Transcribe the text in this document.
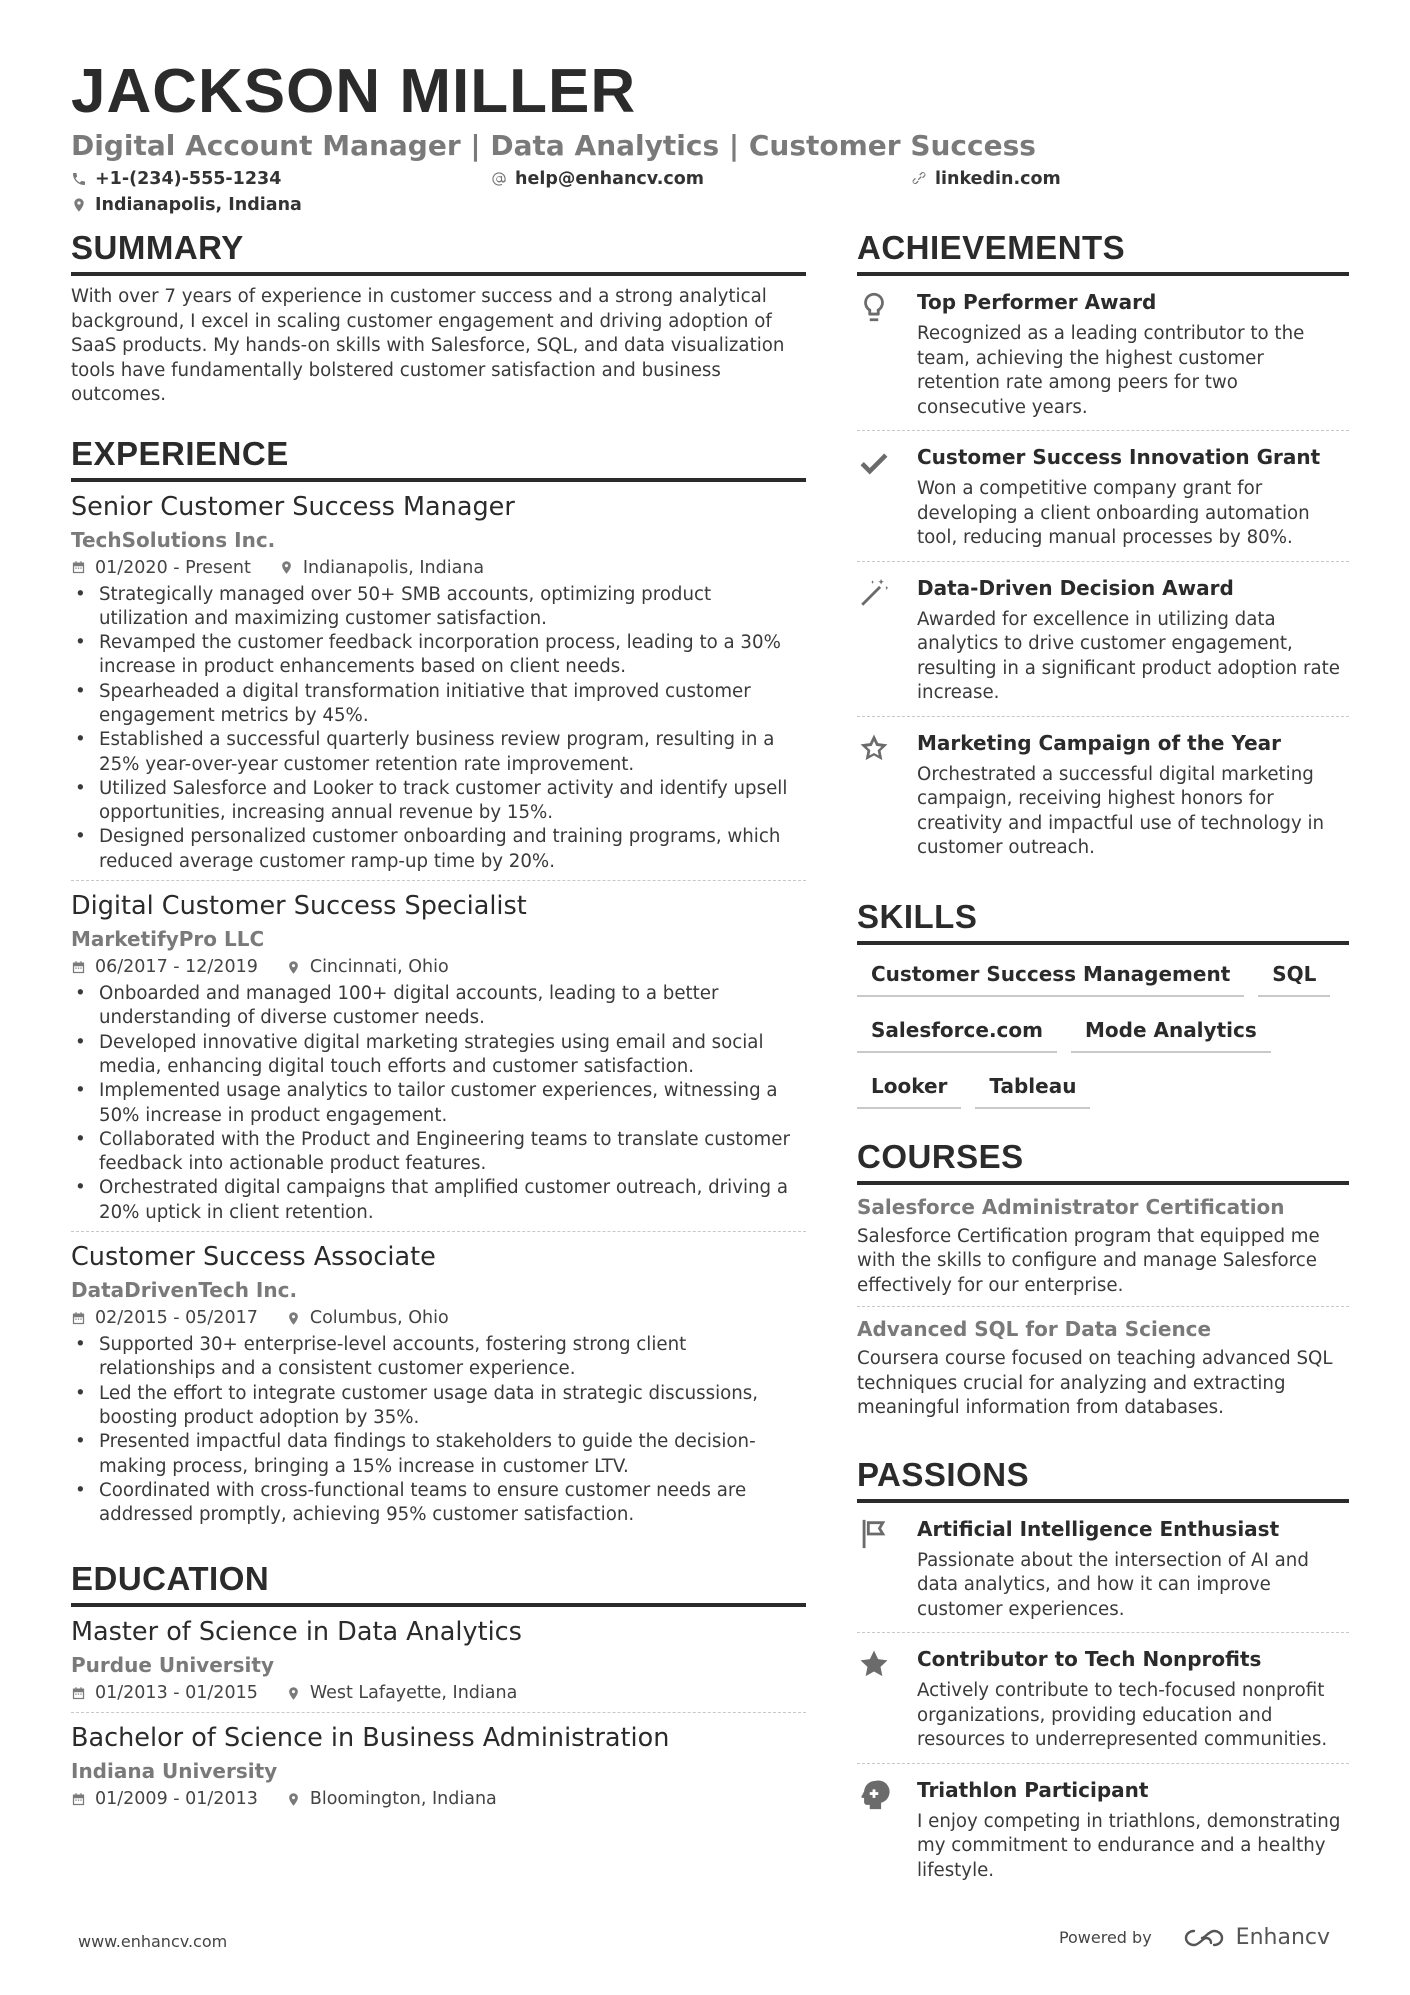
JACKSON MILLER
Digital Account Manager | Data Analytics | Customer Success
+1-(234)-555-1234	help@enhancv.com	linkedin.com
Indianapolis, Indiana
SUMMARY
With over 7 years of experience in customer success and a strong analytical background, I excel in scaling customer engagement and driving adoption of SaaS products. My hands-on skills with Salesforce, SQL, and data visualization tools have fundamentally bolstered customer satisfaction and business outcomes.
EXPERIENCE
Senior Customer Success Manager
TechSolutions Inc.
01/2020 - Present	Indianapolis, Indiana
• Strategically managed over 50+ SMB accounts, optimizing product utilization and maximizing customer satisfaction.
• Revamped the customer feedback incorporation process, leading to a 30% increase in product enhancements based on client needs.
• Spearheaded a digital transformation initiative that improved customer engagement metrics by 45%.
• Established a successful quarterly business review program, resulting in a 25% year-over-year customer retention rate improvement.
• Utilized Salesforce and Looker to track customer activity and identify upsell opportunities, increasing annual revenue by 15%.
• Designed personalized customer onboarding and training programs, which reduced average customer ramp-up time by 20%.
Digital Customer Success Specialist
MarketifyPro LLC
06/2017 - 12/2019	Cincinnati, Ohio
• Onboarded and managed 100+ digital accounts, leading to a better understanding of diverse customer needs.
• Developed innovative digital marketing strategies using email and social media, enhancing digital touch efforts and customer satisfaction.
• Implemented usage analytics to tailor customer experiences, witnessing a 50% increase in product engagement.
• Collaborated with the Product and Engineering teams to translate customer feedback into actionable product features.
• Orchestrated digital campaigns that amplified customer outreach, driving a 20% uptick in client retention.
Customer Success Associate
DataDrivenTech Inc.
02/2015 - 05/2017	Columbus, Ohio
• Supported 30+ enterprise-level accounts, fostering strong client relationships and a consistent customer experience.
• Led the effort to integrate customer usage data in strategic discussions, boosting product adoption by 35%.
• Presented impactful data findings to stakeholders to guide the decision-making process, bringing a 15% increase in customer LTV.
• Coordinated with cross-functional teams to ensure customer needs are addressed promptly, achieving 95% customer satisfaction.
EDUCATION
Master of Science in Data Analytics
Purdue University
01/2013 - 01/2015	West Lafayette, Indiana
Bachelor of Science in Business Administration
Indiana University
01/2009 - 01/2013	Bloomington, Indiana
ACHIEVEMENTS
Top Performer Award
Recognized as a leading contributor to the team, achieving the highest customer retention rate among peers for two consecutive years.
Customer Success Innovation Grant
Won a competitive company grant for developing a client onboarding automation tool, reducing manual processes by 80%.
Data-Driven Decision Award
Awarded for excellence in utilizing data analytics to drive customer engagement, resulting in a significant product adoption rate increase.
Marketing Campaign of the Year
Orchestrated a successful digital marketing campaign, receiving highest honors for creativity and impactful use of technology in customer outreach.
SKILLS
Customer Success Management	SQL
Salesforce.com	Mode Analytics
Looker	Tableau
COURSES
Salesforce Administrator Certification
Salesforce Certification program that equipped me with the skills to configure and manage Salesforce effectively for our enterprise.
Advanced SQL for Data Science
Coursera course focused on teaching advanced SQL techniques crucial for analyzing and extracting meaningful information from databases.
PASSIONS
Artificial Intelligence Enthusiast
Passionate about the intersection of AI and data analytics, and how it can improve customer experiences.
Contributor to Tech Nonprofits
Actively contribute to tech-focused nonprofit organizations, providing education and resources to underrepresented communities.
Triathlon Participant
I enjoy competing in triathlons, demonstrating my commitment to endurance and a healthy lifestyle.
www.enhancv.com	Powered by	Enhancv
